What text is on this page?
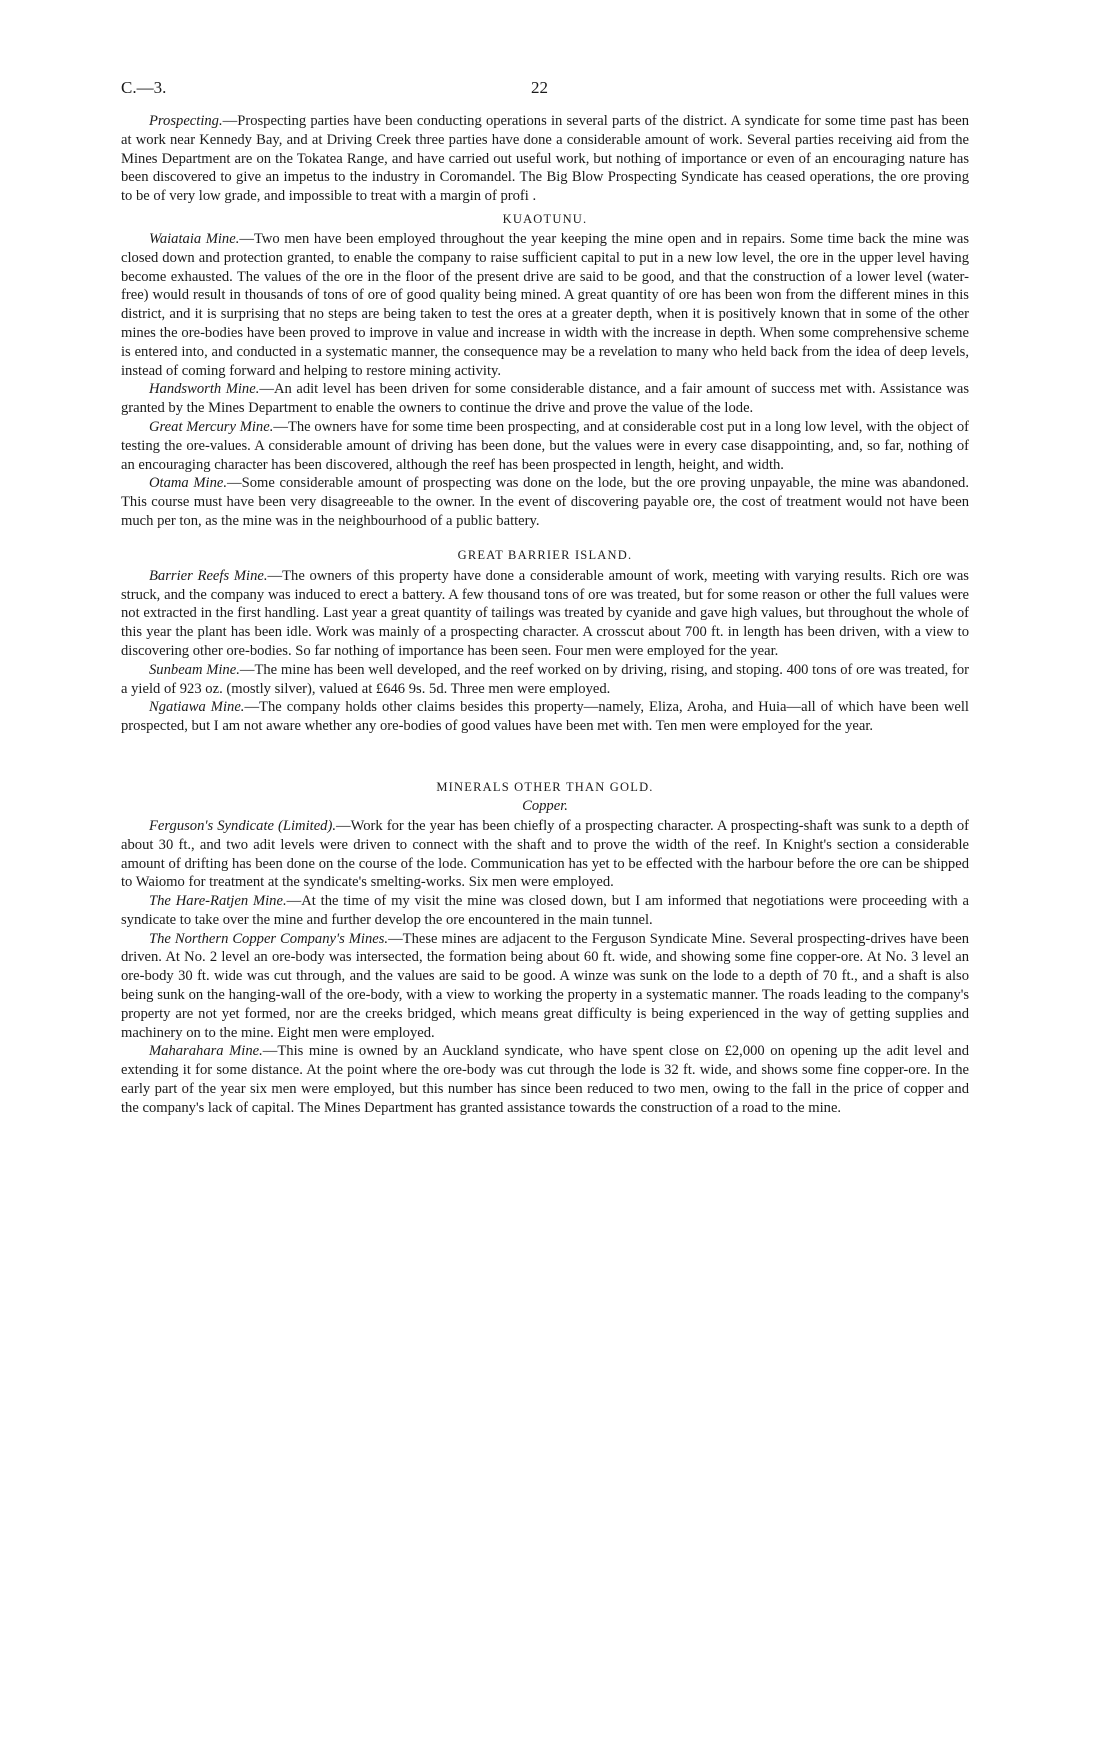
C.—3.	22

Prospecting.—Prospecting parties have been conducting operations in several parts of the district. A syndicate for some time past has been at work near Kennedy Bay, and at Driving Creek three parties have done a considerable amount of work. Several parties receiving aid from the Mines Department are on the Tokatea Range, and have carried out useful work, but nothing of importance or even of an encouraging nature has been discovered to give an impetus to the industry in Coromandel. The Big Blow Prospecting Syndicate has ceased operations, the ore proving to be of very low grade, and impossible to treat with a margin of profi .

KUAOTUNU.

Waiataia Mine.—Two men have been employed throughout the year keeping the mine open and in repairs. Some time back the mine was closed down and protection granted, to enable the company to raise sufficient capital to put in a new low level, the ore in the upper level having become exhausted. The values of the ore in the floor of the present drive are said to be good, and that the construction of a lower level (water-free) would result in thousands of tons of ore of good quality being mined. A great quantity of ore has been won from the different mines in this district, and it is surprising that no steps are being taken to test the ores at a greater depth, when it is positively known that in some of the other mines the ore-bodies have been proved to improve in value and increase in width with the increase in depth. When some comprehensive scheme is entered into, and conducted in a systematic manner, the consequence may be a revelation to many who held back from the idea of deep levels, instead of coming forward and helping to restore mining activity.

Handsworth Mine.—An adit level has been driven for some considerable distance, and a fair amount of success met with. Assistance was granted by the Mines Department to enable the owners to continue the drive and prove the value of the lode.

Great Mercury Mine.—The owners have for some time been prospecting, and at considerable cost put in a long low level, with the object of testing the ore-values. A considerable amount of driving has been done, but the values were in every case disappointing, and, so far, nothing of an encouraging character has been discovered, although the reef has been prospected in length, height, and width.

Otama Mine.—Some considerable amount of prospecting was done on the lode, but the ore proving unpayable, the mine was abandoned. This course must have been very disagreeable to the owner. In the event of discovering payable ore, the cost of treatment would not have been much per ton, as the mine was in the neighbourhood of a public battery.

GREAT BARRIER ISLAND.

Barrier Reefs Mine.—The owners of this property have done a considerable amount of work, meeting with varying results. Rich ore was struck, and the company was induced to erect a battery. A few thousand tons of ore was treated, but for some reason or other the full values were not extracted in the first handling. Last year a great quantity of tailings was treated by cyanide and gave high values, but throughout the whole of this year the plant has been idle. Work was mainly of a prospecting character. A crosscut about 700 ft. in length has been driven, with a view to discovering other ore-bodies. So far nothing of importance has been seen. Four men were employed for the year.

Sunbeam Mine.—The mine has been well developed, and the reef worked on by driving, rising, and stoping. 400 tons of ore was treated, for a yield of 923 oz. (mostly silver), valued at £646 9s. 5d. Three men were employed.

Ngatiawa Mine.—The company holds other claims besides this property—namely, Eliza, Aroha, and Huia—all of which have been well prospected, but I am not aware whether any ore-bodies of good values have been met with. Ten men were employed for the year.

MINERALS OTHER THAN GOLD.
Copper.

Ferguson's Syndicate (Limited).—Work for the year has been chiefly of a prospecting character. A prospecting-shaft was sunk to a depth of about 30 ft., and two adit levels were driven to connect with the shaft and to prove the width of the reef. In Knight's section a considerable amount of drifting has been done on the course of the lode. Communication has yet to be effected with the harbour before the ore can be shipped to Waiomo for treatment at the syndicate's smelting-works. Six men were employed.

The Hare-Ratjen Mine.—At the time of my visit the mine was closed down, but I am informed that negotiations were proceeding with a syndicate to take over the mine and further develop the ore encountered in the main tunnel.

The Northern Copper Company's Mines.—These mines are adjacent to the Ferguson Syndicate Mine. Several prospecting-drives have been driven. At No. 2 level an ore-body was intersected, the formation being about 60 ft. wide, and showing some fine copper-ore. At No. 3 level an ore-body 30 ft. wide was cut through, and the values are said to be good. A winze was sunk on the lode to a depth of 70 ft., and a shaft is also being sunk on the hanging-wall of the ore-body, with a view to working the property in a systematic manner. The roads leading to the company's property are not yet formed, nor are the creeks bridged, which means great difficulty is being experienced in the way of getting supplies and machinery on to the mine. Eight men were employed.

Maharahara Mine.—This mine is owned by an Auckland syndicate, who have spent close on £2,000 on opening up the adit level and extending it for some distance. At the point where the ore-body was cut through the lode is 32 ft. wide, and shows some fine copper-ore. In the early part of the year six men were employed, but this number has since been reduced to two men, owing to the fall in the price of copper and the company's lack of capital. The Mines Department has granted assistance towards the construction of a road to the mine.
